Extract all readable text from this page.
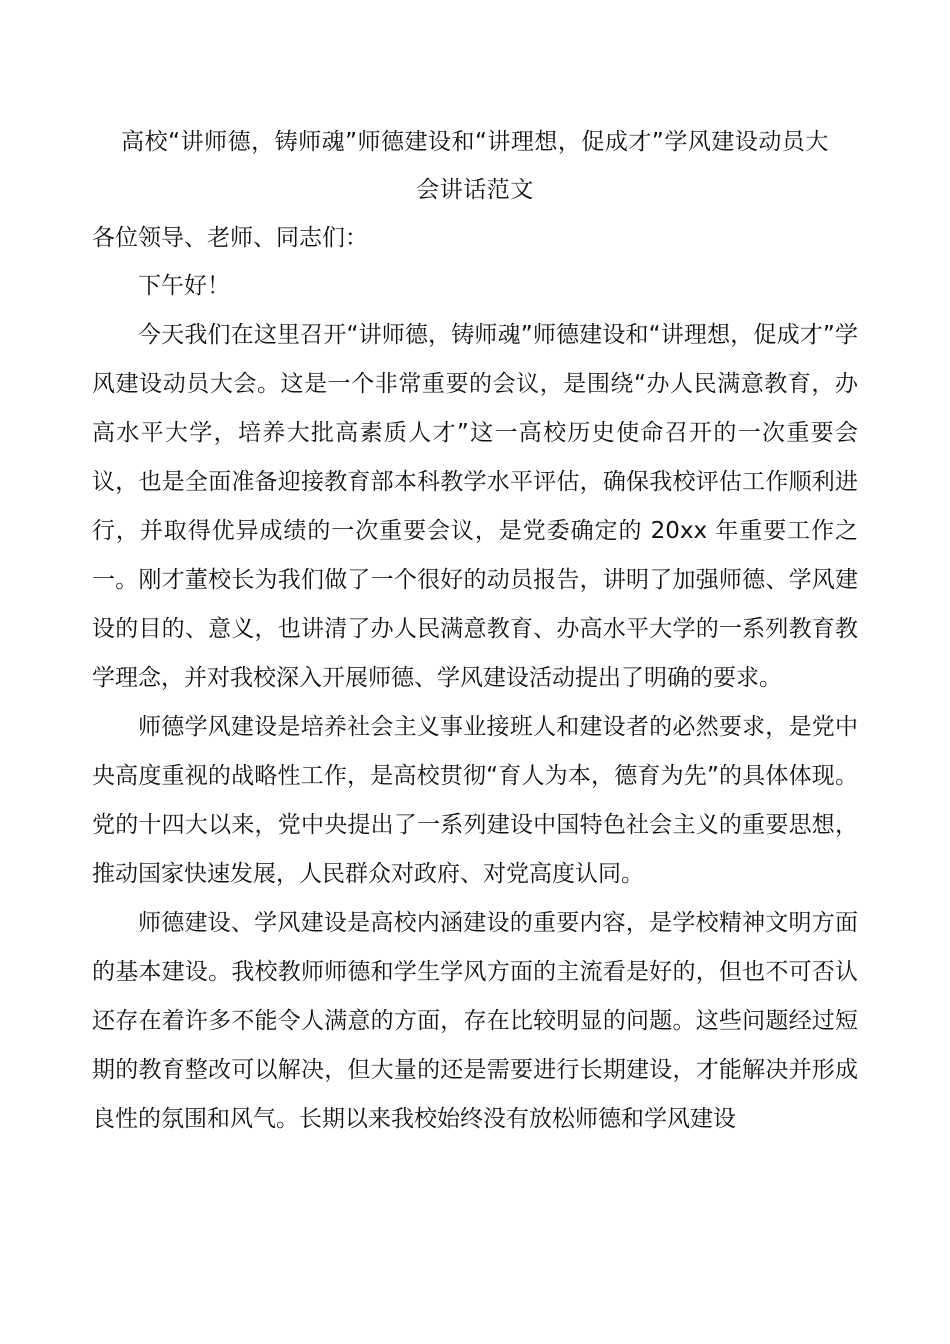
高校“讲师德，铸师魂”师德建设和“讲理想，促成才”学风建设动员大
会讲话范文

各位领导、老师、同志们：

下午好！

今天我们在这里召开“讲师德，铸师魂”师德建设和“讲理想，促成才”学风建设动员大会。这是一个非常重要的会议，是围绕“办人民满意教育，办高水平大学，培养大批高素质人才”这一高校历史使命召开的一次重要会议，也是全面准备迎接教育部本科教学水平评估，确保我校评估工作顺利进行，并取得优异成绩的一次重要会议，是党委确定的 20xx 年重要工作之一。刚才董校长为我们做了一个很好的动员报告，讲明了加强师德、学风建设的目的、意义，也讲清了办人民满意教育、办高水平大学的一系列教育教学理念，并对我校深入开展师德、学风建设活动提出了明确的要求。

师德学风建设是培养社会主义事业接班人和建设者的必然要求，是党中央高度重视的战略性工作，是高校贯彻“育人为本，德育为先”的具体体现。党的十四大以来，党中央提出了一系列建设中国特色社会主义的重要思想，推动国家快速发展，人民群众对政府、对党高度认同。

师德建设、学风建设是高校内涵建设的重要内容，是学校精神文明方面的基本建设。我校教师师德和学生学风方面的主流看是好的，但也不可否认还存在着许多不能令人满意的方面，存在比较明显的问题。这些问题经过短期的教育整改可以解决，但大量的还是需要进行长期建设，才能解决并形成良性的氛围和风气。长期以来我校始终没有放松师德和学风建设
